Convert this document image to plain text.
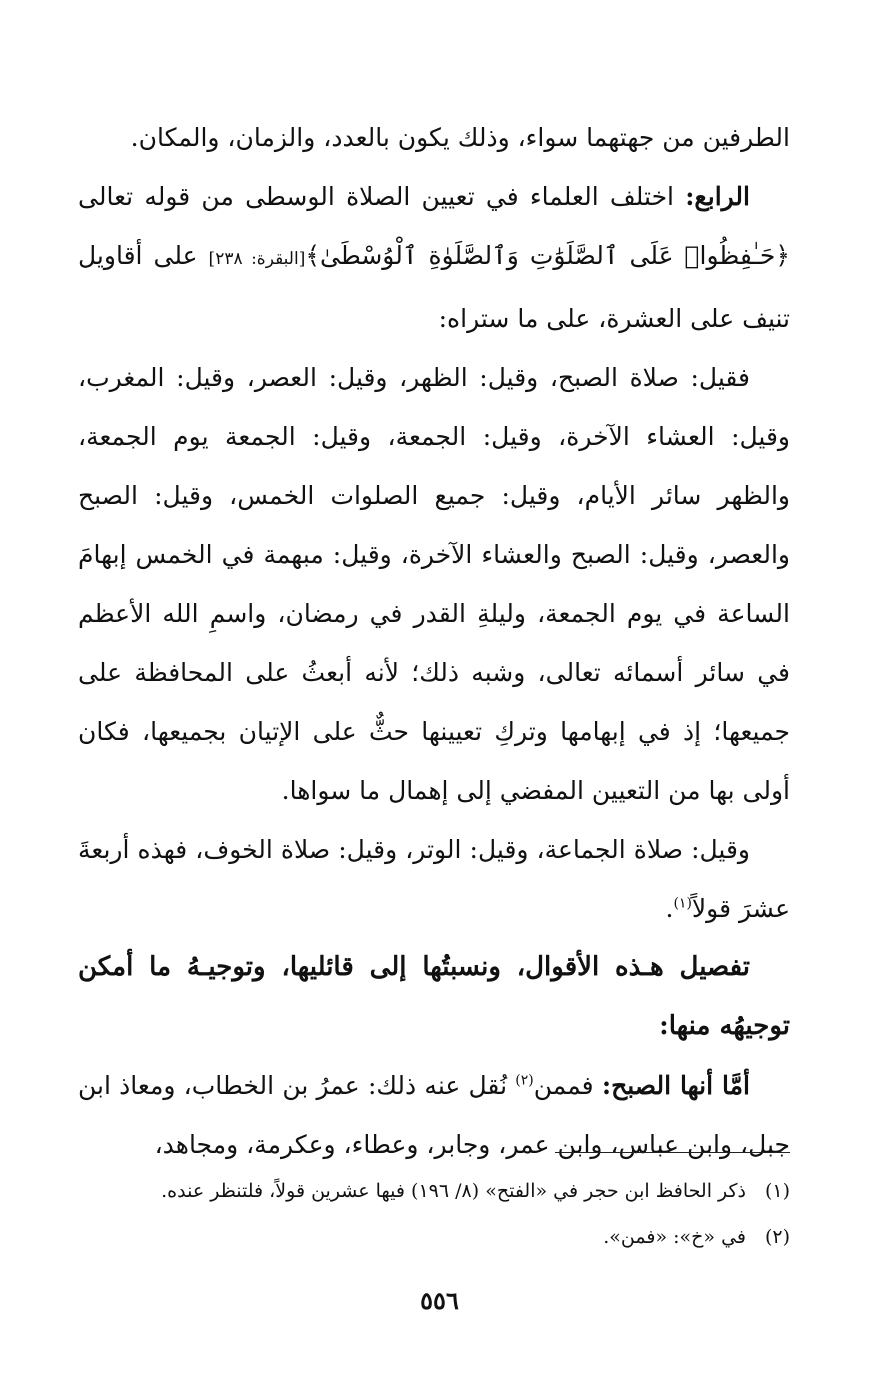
الطرفين من جهتهما سواء، وذلك يكون بالعدد، والزمان، والمكان.

الرابع: اختلف العلماء في تعيين الصلاة الوسطى من قوله تعالى ﴿حَـٰفِظُوا۟ عَلَى ٱلصَّلَوَٰتِ وَٱلصَّلَوٰةِ ٱلْوُسْطَىٰ﴾[البقرة: ٢٣٨] على أقاويل تنيف على العشرة، على ما ستراه:

فقيل: صلاة الصبح، وقيل: الظهر، وقيل: العصر، وقيل: المغرب، وقيل: العشاء الآخرة، وقيل: الجمعة، وقيل: الجمعة يوم الجمعة، والظهر سائر الأيام، وقيل: جميع الصلوات الخمس، وقيل: الصبح والعصر، وقيل: الصبح والعشاء الآخرة، وقيل: مبهمة في الخمس إبهامَ الساعة في يوم الجمعة، وليلةِ القدر في رمضان، واسمِ الله الأعظم في سائر أسمائه تعالى، وشبه ذلك؛ لأنه أبعثُ على المحافظة على جميعها؛ إذ في إبهامها وتركِ تعيينها حثٌّ على الإتيان بجميعها، فكان أولى بها من التعيين المفضي إلى إهمال ما سواها.

وقيل: صلاة الجماعة، وقيل: الوتر، وقيل: صلاة الخوف، فهذه أربعةَ عشرَ قولاً$^{(١)}$.

تفصيل هـذه الأقوال، ونسبتُها إلى قائليها، وتوجيـهُ ما أمكن توجيهُه منها:

أمَّا أنها الصبح: فممن$^{(٢)}$ نُقل عنه ذلك: عمرُ بن الخطاب، ومعاذ ابن جبل، وابن عباس، وابن عمر، وجابر، وعطاء، وعكرمة، ومجاهد،

(١)
ذكر الحافظ ابن حجر في «الفتح» (٨/ ١٩٦) فيها عشرين قولاً، فلتنظر عنده.

(٢)
في «خ»: «فمن».

٥٥٦
